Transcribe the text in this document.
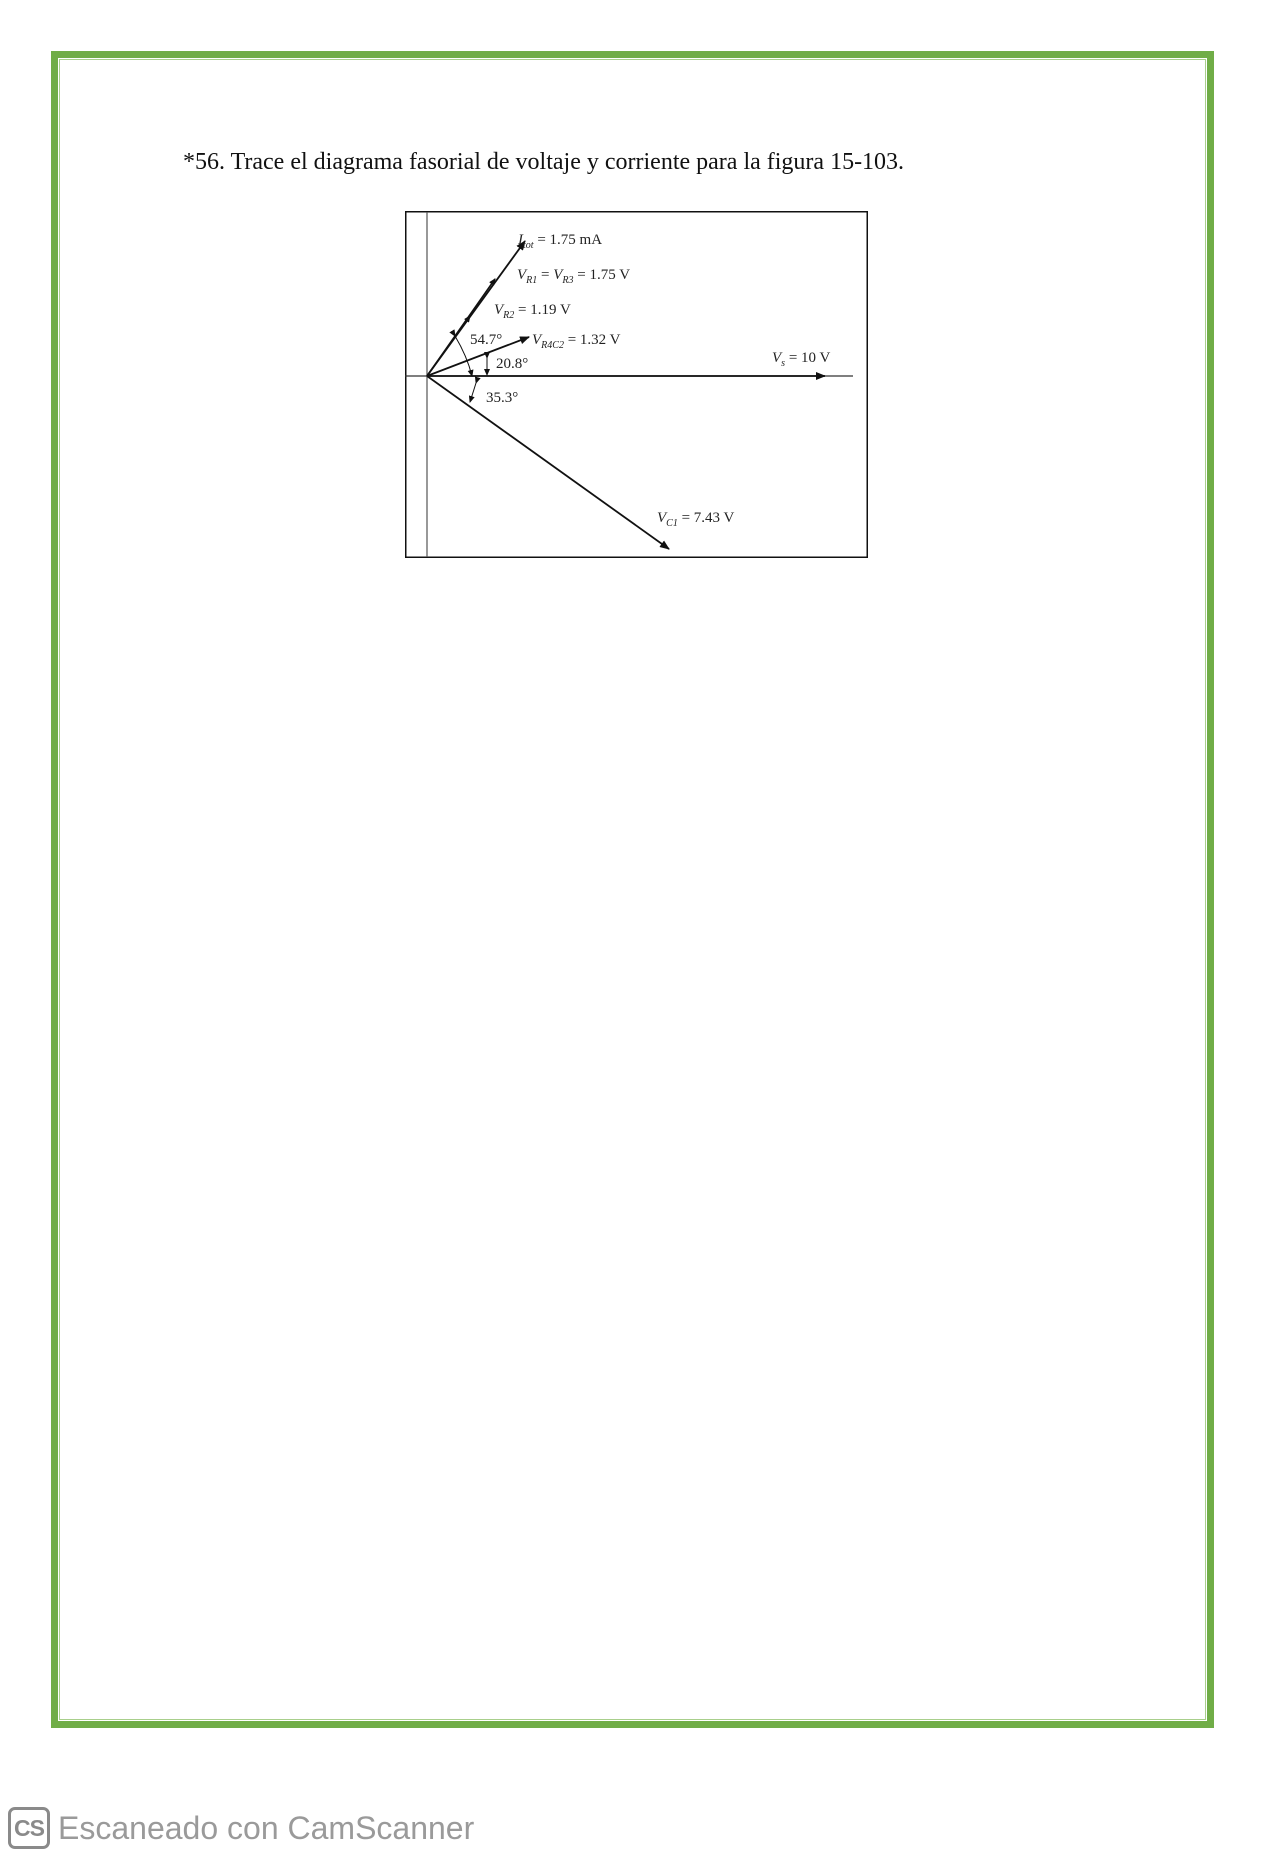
*56. Trace el diagrama fasorial de voltaje y corriente para la figura 15-103.

$I_{tot} = 1.75$ mA
$V_{R1} = V_{R3} = 1.75$ V
$V_{R2} = 1.19$ V
$V_{R4C2} = 1.32$ V
$V_s = 10$ V
$V_{C1} = 7.43$ V
54.7°
20.8°
35.3°
CS Escaneado con CamScanner
